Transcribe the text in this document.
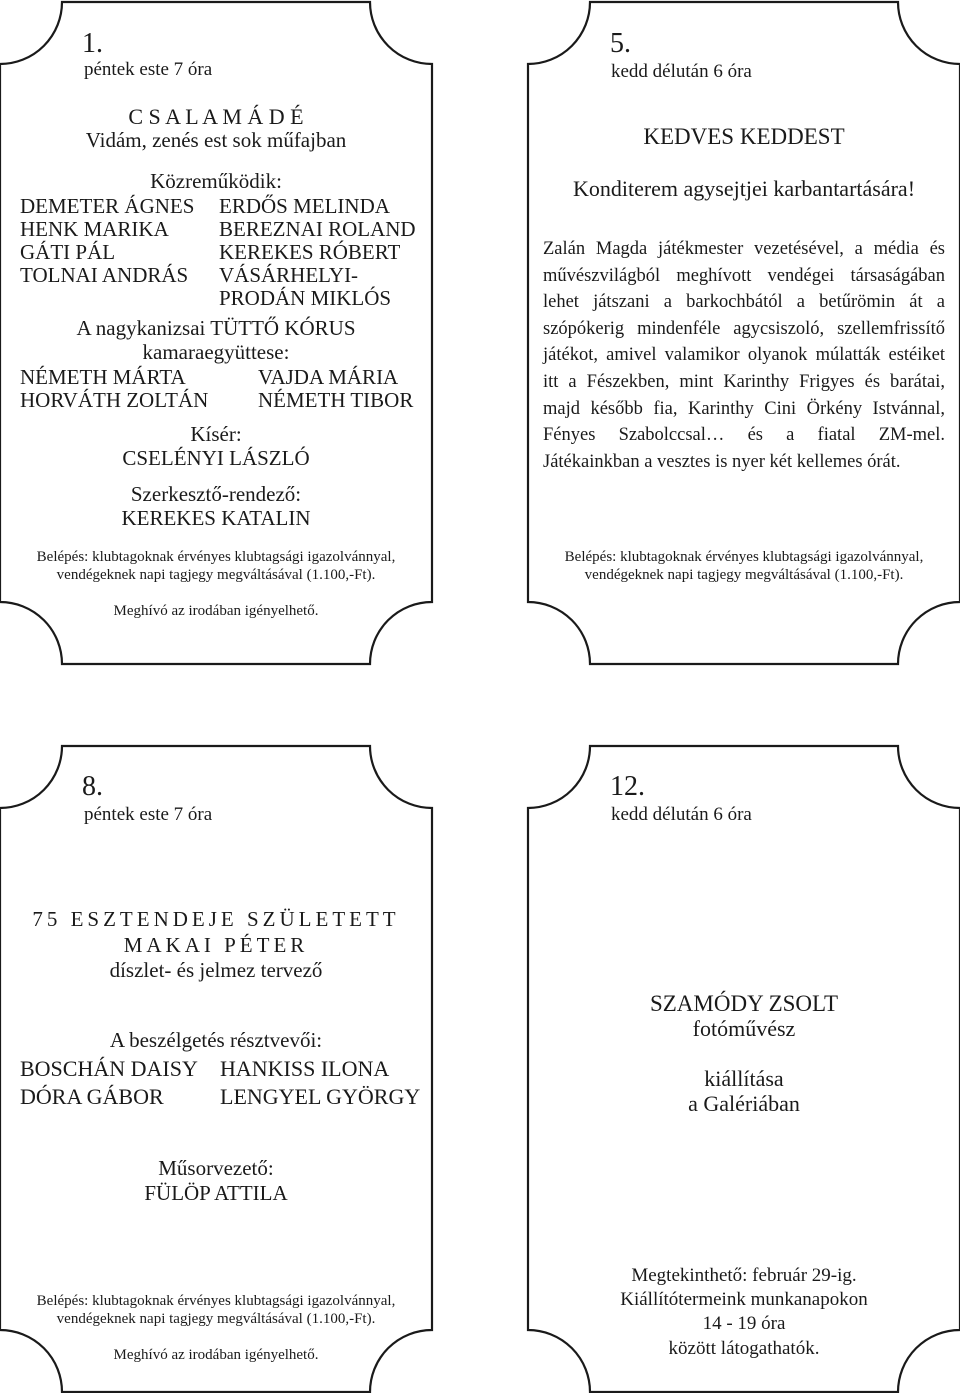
1.
péntek este 7 óra
C S A L A M Á D É
Vidám, zenés est sok műfajban
Közreműködik:
DEMETER ÁGNES
HENK MARIKA
GÁTI PÁL
TOLNAI ANDRÁS
ERDŐS MELINDA
BEREZNAI ROLAND
KEREKES RÓBERT
VÁSÁRHELYI-
PRODÁN MIKLÓS
A nagykanizsai TÜTTŐ KÓRUS
kamaraegyüttese:
NÉMETH MÁRTA
HORVÁTH ZOLTÁN
VAJDA MÁRIA
NÉMETH TIBOR
Kísér:
CSELÉNYI LÁSZLÓ
Szerkesztő-rendező:
KEREKES KATALIN
Belépés: klubtagoknak érvényes klubtagsági igazolvánnyal,
vendégeknek napi tagjegy megváltásával (1.100,-Ft).
Meghívó az irodában igényelhető.
5.
kedd délután 6 óra
KEDVES KEDDEST
Konditerem agysejtjei karbantartására!
Zalán Magda játékmester vezetésével, a média és művészvilágból meghívott vendégei társaságában lehet játszani a barkochbától a betűrömin át a szópókerig mindenféle agycsiszoló, szellemfrissítő játékot, amivel valamikor olyanok múlatták estéiket itt a Fészekben, mint Karinthy Frigyes és barátai, majd később fia, Karinthy Cini Örkény Istvánnal, Fényes Szabolccsal… és a fiatal ZM-mel. Játékainkban a vesztes is nyer két kellemes órát.
Belépés: klubtagoknak érvényes klubtagsági igazolvánnyal,
vendégeknek napi tagjegy megváltásával (1.100,-Ft).
8.
péntek este 7 óra
75 ESZTENDEJE SZÜLETETT
MAKAI PÉTER
díszlet- és jelmez tervező
A beszélgetés résztvevői:
BOSCHÁN DAISY
DÓRA GÁBOR
HANKISS ILONA
LENGYEL GYÖRGY
Műsorvezető:
FÜLÖP ATTILA
Belépés: klubtagoknak érvényes klubtagsági igazolvánnyal,
vendégeknek napi tagjegy megváltásával (1.100,-Ft).
Meghívó az irodában igényelhető.
12.
kedd délután 6 óra
SZAMÓDY ZSOLT
fotóművész
kiállítása
a Galériában
Megtekinthető: február 29-ig.
Kiállítótermeink munkanapokon
14 - 19 óra
között látogathatók.
